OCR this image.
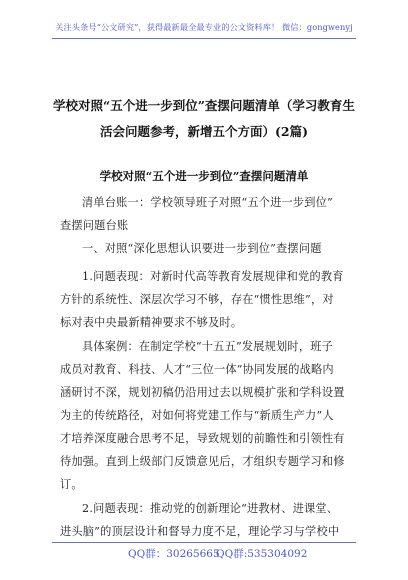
关注头条号“公文研究”，获得最新最全最专业的公文资料库！ 微信：gongwenyj
学校对照“五个进一步到位”查摆问题清单（学习教育生
活会问题参考，新增五个方面）(2篇)
学校对照“五个进一步到位”查摆问题清单
清单台账一：学校领导班子对照“五个进一步到位”
查摆问题台账
一、对照“深化思想认识要进一步到位”查摆问题
1.问题表现：对新时代高等教育发展规律和党的教育
方针的系统性、深层次学习不够，存在“惯性思维”，对
标对表中央最新精神要求不够及时。
具体案例：在制定学校“十五五”发展规划时，班子
成员对教育、科技、人才“三位一体”协同发展的战略内
涵研讨不深，规划初稿仍沿用过去以规模扩张和学科设置
为主的传统路径，对如何将党建工作与“新质生产力”人
才培养深度融合思考不足，导致规划的前瞻性和引领性有
待加强。直到上级部门反馈意见后，才组织专题学习和修
订。
2.问题表现：推动党的创新理论“进教材、进课堂、
进头脑”的顶层设计和督导力度不足，理论学习与学校中
QQ群：30265665
QQ群:535304092
